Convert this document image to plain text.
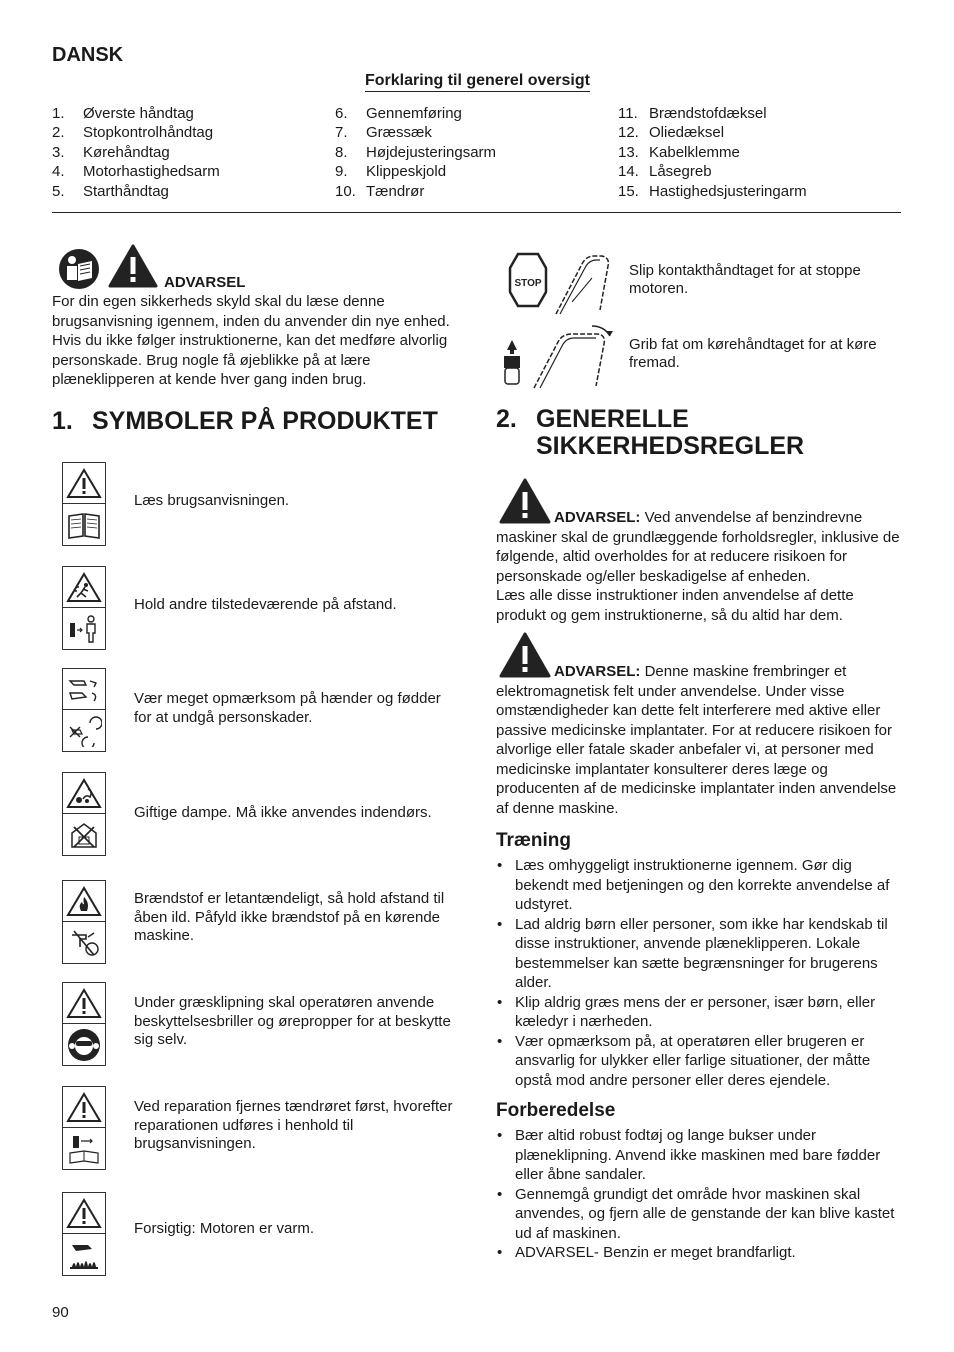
DANSK
Forklaring til generel oversigt
1.	Øverste håndtag
2.	Stopkontrolhåndtag
3.	Kørehåndtag
4.	Motorhastighedsarm
5.	Starthåndtag
6.	Gennemføring
7.	Græssæk
8.	Højdejusteringsarm
9.	Klippeskjold
10. Tændrør
11. Brændstofdæksel
12. Oliedæksel
13. Kabelklemme
14. Låsegreb
15. Hastighedsjusteringarm
ADVARSEL
For din egen sikkerheds skyld skal du læse denne brugsanvisning igennem, inden du anvender din nye enhed. Hvis du ikke følger instruktionerne, kan det medføre alvorlig personskade. Brug nogle få øjeblikke på at lære plæneklipperen at kende hver gang inden brug.
STOP
Slip kontakthåndtaget for at stoppe motoren.
Grib fat om kørehåndtaget for at køre fremad.
1. SYMBOLER PÅ PRODUKTET
Læs brugsanvisningen.
Hold andre tilstedeværende på afstand.
Vær meget opmærksom på hænder og fødder for at undgå personskader.
Giftige dampe. Må ikke anvendes indendørs.
Brændstof er letantændeligt, så hold afstand til åben ild. Påfyld ikke brændstof på en kørende maskine.
Under græsklipning skal operatøren anvende beskyttelsesbriller og ørepropper for at beskytte sig selv.
Ved reparation fjernes tændrøret først, hvorefter reparationen udføres i henhold til brugsanvisningen.
Forsigtig: Motoren er varm.
2. GENERELLE
SIKKERHEDSREGLER
ADVARSEL: Ved anvendelse af benzindrevne maskiner skal de grundlæggende forholdsregler, inklusive de følgende, altid overholdes for at reducere risikoen for personskade og/eller beskadigelse af enheden.
Læs alle disse instruktioner inden anvendelse af dette produkt og gem instruktionerne, så du altid har dem.
ADVARSEL: Denne maskine frembringer et elektromagnetisk felt under anvendelse. Under visse omstændigheder kan dette felt interferere med aktive eller passive medicinske implantater. For at reducere risikoen for alvorlige eller fatale skader anbefaler vi, at personer med medicinske implantater konsulterer deres læge og producenten af de medicinske implantater inden anvendelse af denne maskine.
Træning
• Læs omhyggeligt instruktionerne igennem. Gør dig bekendt med betjeningen og den korrekte anvendelse af udstyret.
• Lad aldrig børn eller personer, som ikke har kendskab til disse instruktioner, anvende plæneklipperen. Lokale bestemmelser kan sætte begrænsninger for brugerens alder.
• Klip aldrig græs mens der er personer, især børn, eller kæledyr i nærheden.
• Vær opmærksom på, at operatøren eller brugeren er ansvarlig for ulykker eller farlige situationer, der måtte opstå mod andre personer eller deres ejendele.
Forberedelse
• Bær altid robust fodtøj og lange bukser under plæneklipning. Anvend ikke maskinen med bare fødder eller åbne sandaler.
• Gennemgå grundigt det område hvor maskinen skal anvendes, og fjern alle de genstande der kan blive kastet ud af maskinen.
• ADVARSEL- Benzin er meget brandfarligt.
90
